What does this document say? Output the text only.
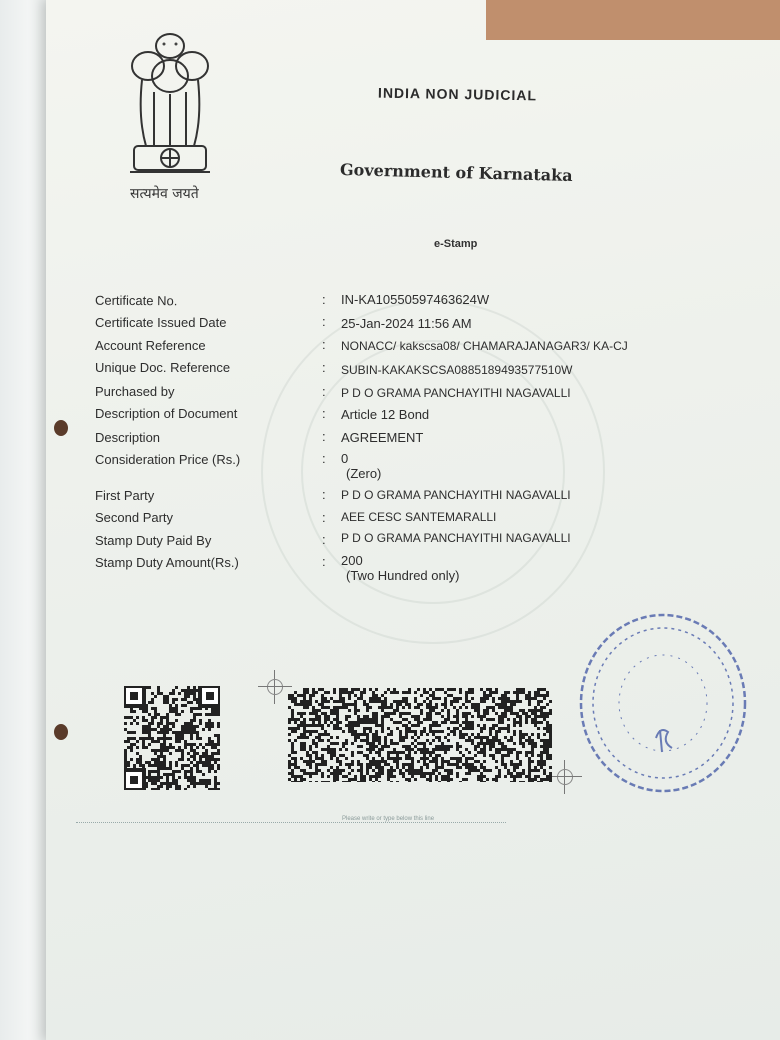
सत्यमेव जयते
INDIA NON JUDICIAL
Government of Karnataka
e-Stamp
Certificate No.	: IN-KA10550597463624W
Certificate Issued Date	: 25-Jan-2024 11:56 AM
Account Reference	: NONACC/ kakscsa08/ CHAMARAJANAGAR3/ KA-CJ
Unique Doc. Reference	: SUBIN-KAKAKSCSA0885189493577510W
Purchased by	: P D O GRAMA PANCHAYITHI NAGAVALLI
Description of Document	: Article 12 Bond
Description	: AGREEMENT
Consideration Price (Rs.)	: 0
(Zero)
First Party	: P D O GRAMA PANCHAYITHI NAGAVALLI
Second Party	: AEE CESC SANTEMARALLI
Stamp Duty Paid By	: P D O GRAMA PANCHAYITHI NAGAVALLI
Stamp Duty Amount(Rs.)	: 200
(Two Hundred only)
Please write or type below this line
